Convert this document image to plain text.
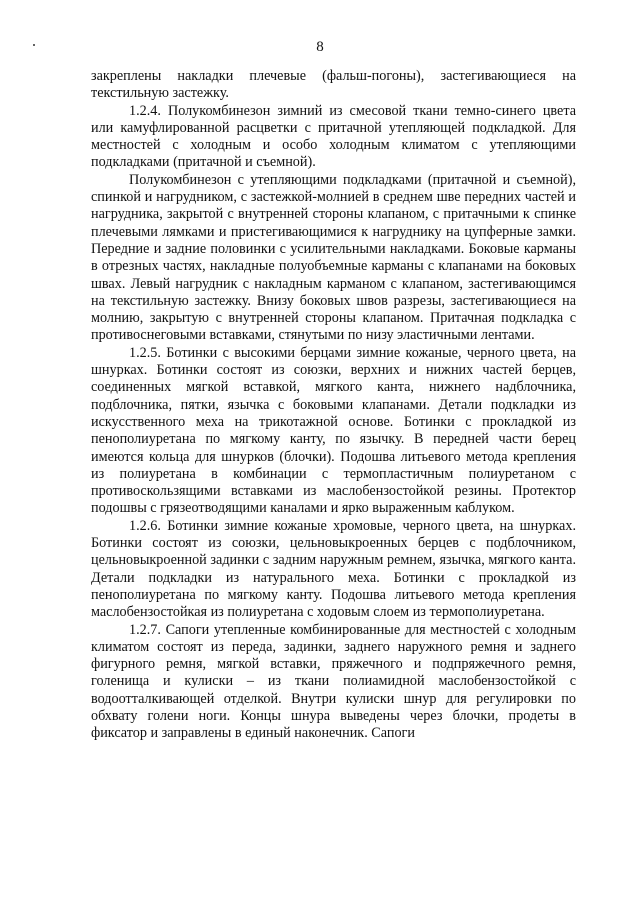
8

закреплены накладки плечевые (фальш-погоны), застегивающиеся на текстильную застежку.

1.2.4. Полукомбинезон зимний из смесовой ткани темно-синего цвета или камуфлированной расцветки с притачной утепляющей подкладкой. Для местностей с холодным и особо холодным климатом с утепляющими подкладками (притачной и съемной).

Полукомбинезон с утепляющими подкладками (притачной и съемной), спинкой и нагрудником, с застежкой-молнией в среднем шве передних частей и нагрудника, закрытой с внутренней стороны клапаном, с притачными к спинке плечевыми лямками и пристегивающимися к нагруднику на цупферные замки. Передние и задние половинки с усилительными накладками. Боковые карманы в отрезных частях, накладные полуобъемные карманы с клапанами на боковых швах. Левый нагрудник с накладным карманом с клапаном, застегивающимся на текстильную застежку. Внизу боковых швов разрезы, застегивающиеся на молнию, закрытую с внутренней стороны клапаном. Притачная подкладка с противоснеговыми вставками, стянутыми по низу эластичными лентами.

1.2.5. Ботинки с высокими берцами зимние кожаные, черного цвета, на шнурках. Ботинки состоят из союзки, верхних и нижних частей берцев, соединенных мягкой вставкой, мягкого канта, нижнего надблочника, подблочника, пятки, язычка с боковыми клапанами. Детали подкладки из искусственного меха на трикотажной основе. Ботинки с прокладкой из пенополиуретана по мягкому канту, по язычку. В передней части берец имеются кольца для шнурков (блочки). Подошва литьевого метода крепления из полиуретана в комбинации с термопластичным полиуретаном с противоскользящими вставками из маслобензостойкой резины. Протектор подошвы с грязеотводящими каналами и ярко выраженным каблуком.

1.2.6. Ботинки зимние кожаные хромовые, черного цвета, на шнурках. Ботинки состоят из союзки, цельновыкроенных берцев с подблочником, цельновыкроенной задинки с задним наружным ремнем, язычка, мягкого канта. Детали подкладки из натурального меха. Ботинки с прокладкой из пенополиуретана по мягкому канту. Подошва литьевого метода крепления маслобензостойкая из полиуретана с ходовым слоем из термополиуретана.

1.2.7. Сапоги утепленные комбинированные для местностей с холодным климатом состоят из переда, задинки, заднего наружного ремня и заднего фигурного ремня, мягкой вставки, пряжечного и подпряжечного ремня, голенища и кулиски – из ткани полиамидной маслобензостойкой с водоотталкивающей отделкой. Внутри кулиски шнур для регулировки по обхвату голени ноги. Концы шнура выведены через блочки, продеты в фиксатор и заправлены в единый наконечник. Сапоги
